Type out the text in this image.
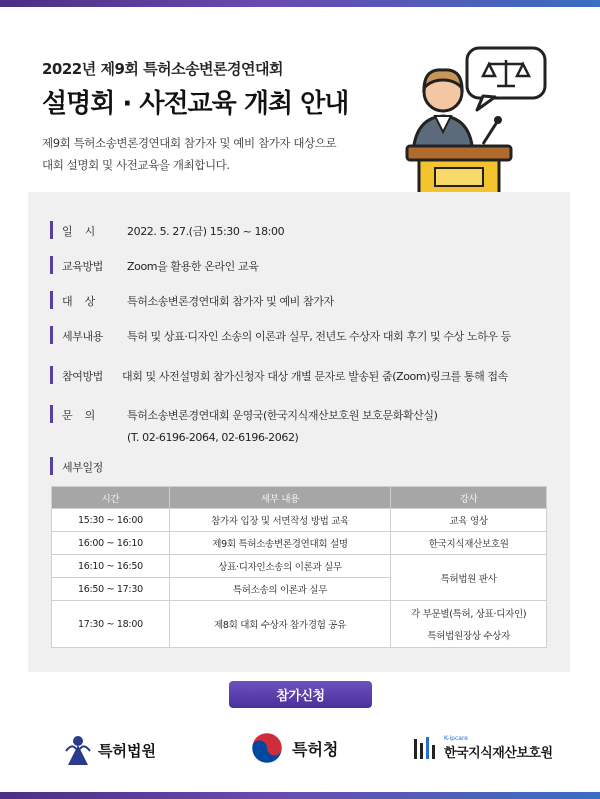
2022년 제9회 특허소송변론경연대회
설명회 · 사전교육 개최 안내
제9회 특허소송변론경연대회 참가자 및 예비 참가자 대상으로
대회 설명회 및 사전교육을 개최합니다.
일    시	2022. 5. 27.(금) 15:30 ~ 18:00
교육방법	Zoom을 활용한 온라인 교육
대    상	특허소송변론경연대회 참가자 및 예비 참가자
세부내용	특허 및 상표·디자인 소송의 이론과 실무, 전년도 수상자 대회 후기 및 수상 노하우 등
참여방법	대회 및 사전설명회 참가신청자 대상 개별 문자로 발송된 줌(Zoom)링크를 통해 접속
문    의	특허소송변론경연대회 운영국(한국지식재산보호원 보호문화확산실)
(T. 02-6196-2064, 02-6196-2062)
세부일정
시간	세부 내용	강사
15:30 ~ 16:00	참가자 입장 및 서면작성 방법 교육	교육 영상
16:00 ~ 16:10	제9회 특허소송변론경연대회 설명	한국지식재산보호원
16:10 ~ 16:50	상표·디자인소송의 이론과 실무	특허법원 판사
16:50 ~ 17:30	특허소송의 이론과 실무	
17:30 ~ 18:00	제8회 대회 수상자 참가경험 공유	각 부문별(특허, 상표·디자인)
특허법원장상 수상자
참가신청
특허법원	특허청
K-ipcare
한국지식재산보호원
